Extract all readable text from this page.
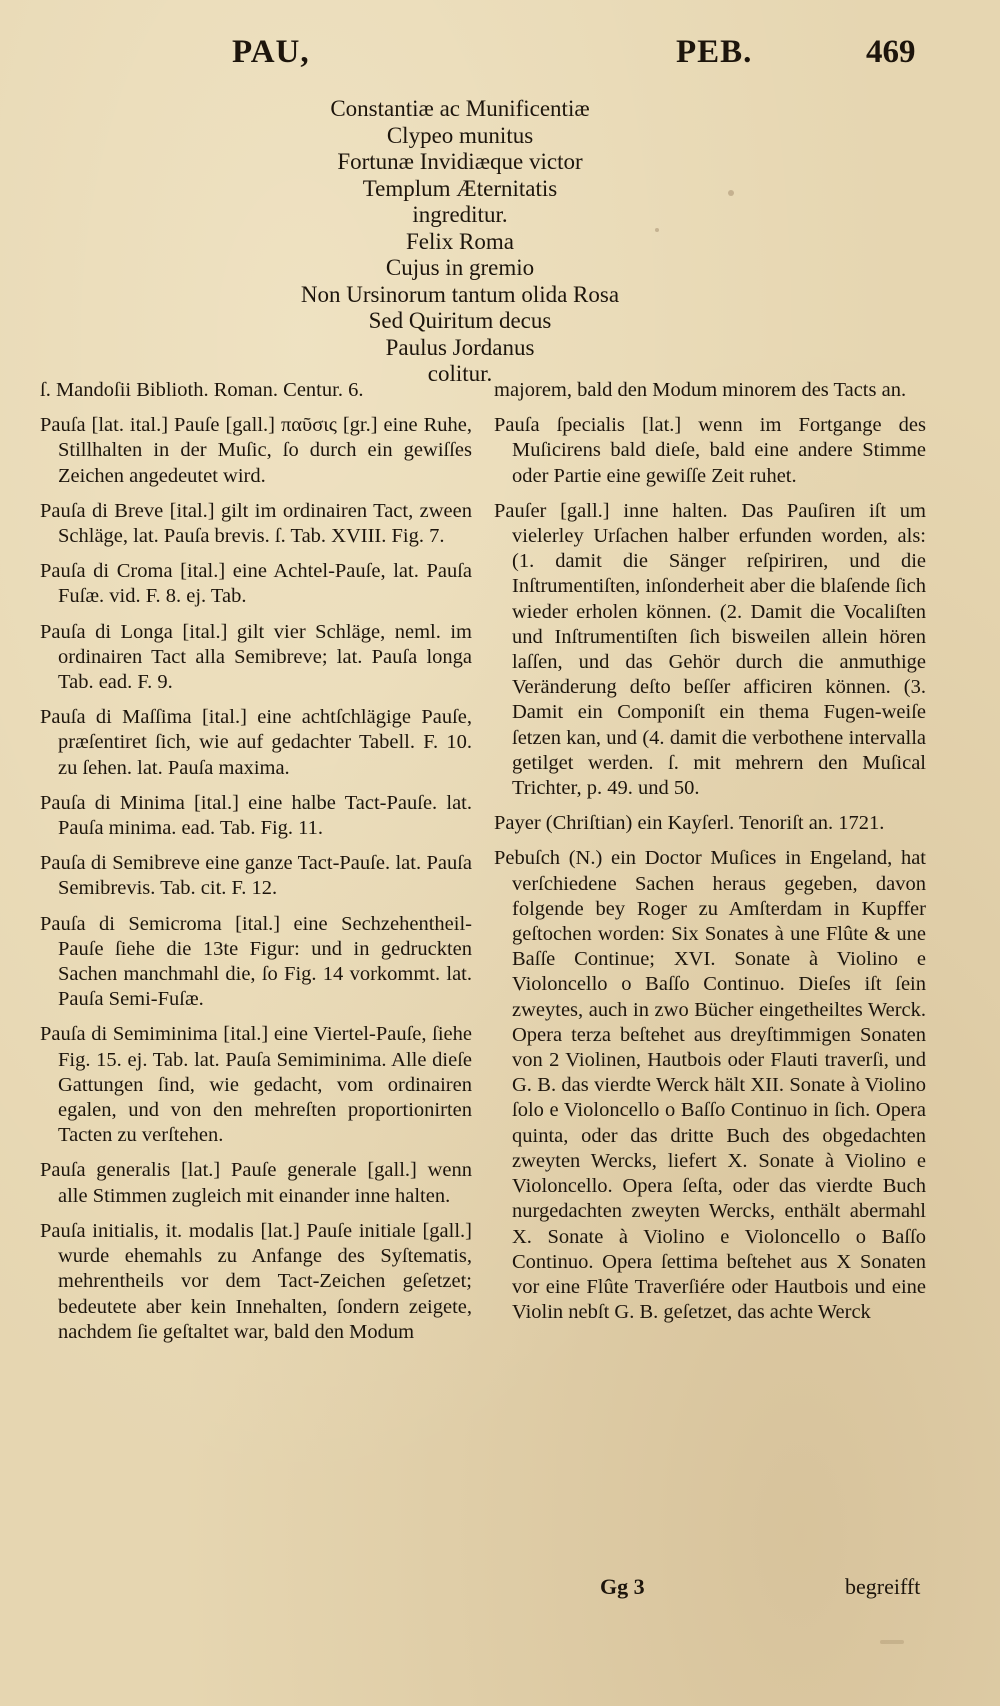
PAU,	PEB.	469
Constantiæ ac Munificentiæ
Clypeo munitus
Fortunæ Invidiæque victor
Templum Æternitatis
ingreditur.
Felix Roma
Cujus in gremio
Non Ursinorum tantum olida Rosa
Sed Quiritum decus
Paulus Jordanus
colitur.

ſ. Mandoſii Biblioth. Roman. Centur. 6.

Pauſa [lat. ital.] Pauſe [gall.] παῦσις [gr.] eine Ruhe, Stillhalten in der Muſic, ſo durch ein gewiſſes Zeichen angedeutet wird.

Pauſa di Breve [ital.] gilt im ordinairen Tact, zween Schläge, lat. Pauſa brevis. ſ. Tab. XVIII. Fig. 7.

Pauſa di Croma [ital.] eine Achtel-Pauſe, lat. Pauſa Fuſæ. vid. F. 8. ej. Tab.

Pauſa di Longa [ital.] gilt vier Schläge, neml. im ordinairen Tact alla Semibreve; lat. Pauſa longa Tab. ead. F. 9.

Pauſa di Maſſima [ital.] eine achtſchlägige Pauſe, præſentiret ſich, wie auf gedachter Tabell. F. 10. zu ſehen. lat. Pauſa maxima.

Pauſa di Minima [ital.] eine halbe Tact-Pauſe. lat. Pauſa minima. ead. Tab. Fig. 11.

Pauſa di Semibreve eine ganze Tact-Pauſe. lat. Pauſa Semibrevis. Tab. cit. F. 12.

Pauſa di Semicroma [ital.] eine Sechzehentheil-Pauſe ſiehe die 13te Figur: und in gedruckten Sachen manchmahl die, ſo Fig. 14 vorkommt. lat. Pauſa Semi-Fuſæ.

Pauſa di Semiminima [ital.] eine Viertel-Pauſe, ſiehe Fig. 15. ej. Tab. lat. Pauſa Semiminima. Alle dieſe Gattungen ſind, wie gedacht, vom ordinairen egalen, und von den mehreſten proportionirten Tacten zu verſtehen.

Pauſa generalis [lat.] Pauſe generale [gall.] wenn alle Stimmen zugleich mit einander inne halten.

Pauſa initialis, it. modalis [lat.] Pauſe initiale [gall.] wurde ehemahls zu Anfange des Syſtematis, mehrentheils vor dem Tact-Zeichen geſetzet; bedeutete aber kein Innehalten, ſondern zeigete, nachdem ſie geſtaltet war, bald den Modum

majorem, bald den Modum minorem des Tacts an.

Pauſa ſpecialis [lat.] wenn im Fortgange des Muſicirens bald dieſe, bald eine andere Stimme oder Partie eine gewiſſe Zeit ruhet.

Pauſer [gall.] inne halten. Das Pauſiren iſt um vielerley Urſachen halber erfunden worden, als: (1. damit die Sänger reſpiriren, und die Inſtrumentiſten, inſonderheit aber die blaſende ſich wieder erholen können. (2. Damit die Vocaliſten und Inſtrumentiſten ſich bisweilen allein hören laſſen, und das Gehör durch die anmuthige Veränderung deſto beſſer afficiren können. (3. Damit ein Componiſt ein thema Fugen-weiſe ſetzen kan, und (4. damit die verbothene intervalla getilget werden. ſ. mit mehrern den Muſical Trichter, p. 49. und 50.

Payer (Chriſtian) ein Kayſerl. Tenoriſt an. 1721.

Pebuſch (N.) ein Doctor Muſices in Engeland, hat verſchiedene Sachen heraus gegeben, davon folgende bey Roger zu Amſterdam in Kupffer geſtochen worden: Six Sonates à une Flûte & une Baſſe Continue; XVI. Sonate à Violino e Violoncello o Baſſo Continuo. Dieſes iſt ſein zweytes, auch in zwo Bücher eingetheiltes Werck. Opera terza beſtehet aus dreyſtimmigen Sonaten von 2 Violinen, Hautbois oder Flauti traverſi, und G. B. das vierdte Werck hält XII. Sonate à Violino ſolo e Violoncello o Baſſo Continuo in ſich. Opera quinta, oder das dritte Buch des obgedachten zweyten Wercks, liefert X. Sonate à Violino e Violoncello. Opera ſeſta, oder das vierdte Buch nurgedachten zweyten Wercks, enthält abermahl X. Sonate à Violino e Violoncello o Baſſo Continuo. Opera ſettima beſtehet aus X Sonaten vor eine Flûte Traverſiére oder Hautbois und eine Violin nebſt G. B. geſetzet, das achte Werck

Gg 3	begreifft
